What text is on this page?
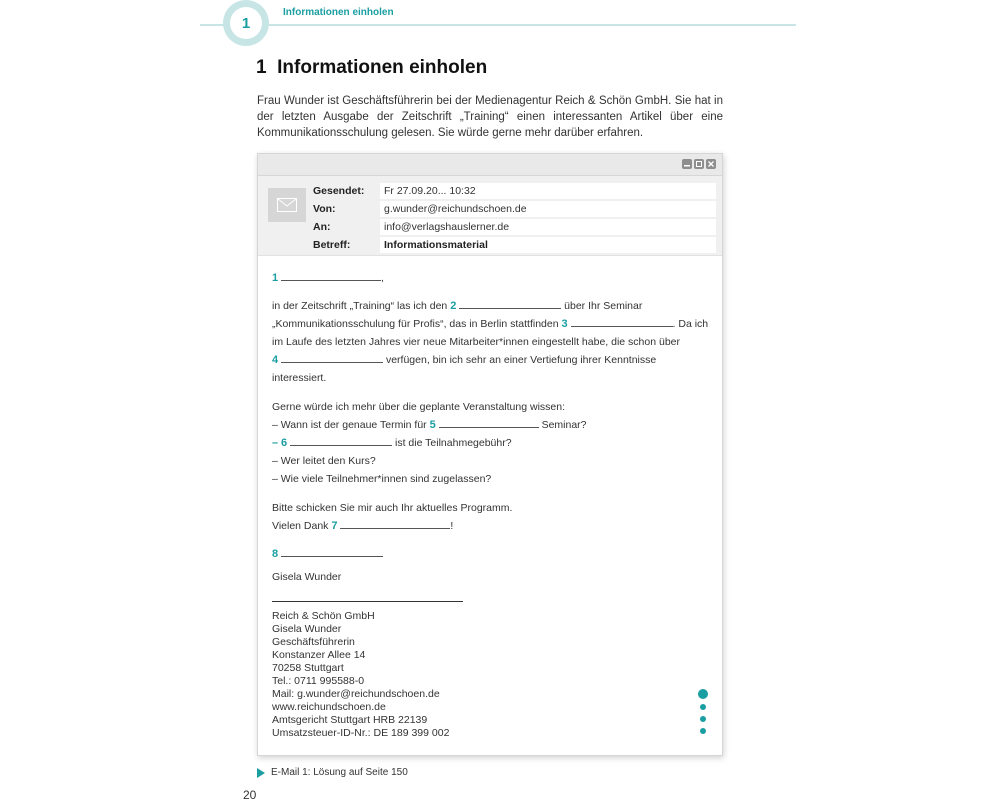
1
Informationen einholen
1  Informationen einholen
Frau Wunder ist Geschäftsführerin bei der Medienagentur Reich & Schön GmbH. Sie hat in der letzten Ausgabe der Zeitschrift „Training“ einen interessanten Artikel über eine Kommunikationsschulung gelesen. Sie würde gerne mehr darüber erfahren.
Gesendet:	Fr 27.09.20... 10:32
Von:	g.wunder@reichundschoen.de
An:	info@verlagshauslerner.de
Betreff:	Informationsmaterial
1	,
in der Zeitschrift „Training“ las ich den 2	über Ihr Seminar
„Kommunikationsschulung für Profis“, das in Berlin stattfinden 3	. Da ich
im Laufe des letzten Jahres vier neue Mitarbeiter*innen eingestellt habe, die schon über
4	verfügen, bin ich sehr an einer Vertiefung ihrer Kenntnisse
interessiert.
Gerne würde ich mehr über die geplante Veranstaltung wissen:
– Wann ist der genaue Termin für 5	Seminar?
– 6	ist die Teilnahmegebühr?
– Wer leitet den Kurs?
– Wie viele Teilnehmer*innen sind zugelassen?
Bitte schicken Sie mir auch Ihr aktuelles Programm.
Vielen Dank 7	!
8
Gisela Wunder
Reich & Schön GmbH
Gisela Wunder
Geschäftsführerin
Konstanzer Allee 14
70258 Stuttgart
Tel.: 0711 995588-0
Mail: g.wunder@reichundschoen.de
www.reichundschoen.de
Amtsgericht Stuttgart HRB 22139
Umsatzsteuer-ID-Nr.: DE 189 399 002
E-Mail 1: Lösung auf Seite 150
20
